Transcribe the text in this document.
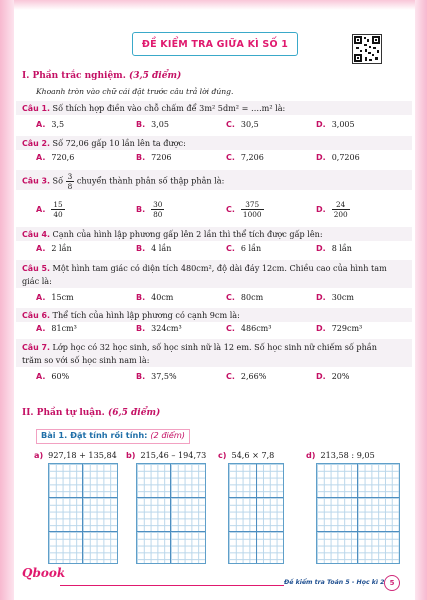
ĐỀ KIỂM TRA GIỮA KÌ SỐ 1
I. Phần trắc nghiệm. (3,5 điểm)
Khoanh tròn vào chữ cái đặt trước câu trả lời đúng.
Câu 1. Số thích hợp điền vào chỗ chấm để 3m² 5dm² = ….m² là:
A. 3,5	B. 3,05	C. 30,5	D. 3,005
Câu 2. Số 72,06 gấp 10 lần lên ta được:
A. 720,6	B. 7206	C. 7,206	D. 0,7206
Câu 3. Số $\frac{3}{8}$ chuyển thành phân số thập phân là:
A. $\frac{15}{40}$	B. $\frac{30}{80}$	C. $\frac{375}{1000}$	D. $\frac{24}{200}$
Câu 4. Cạnh của hình lập phương gấp lên 2 lần thì thể tích được gấp lên:
A. 2 lần	B. 4 lần	C. 6 lần	D. 8 lần
Câu 5. Một hình tam giác có diện tích 480cm², độ dài đáy 12cm. Chiều cao của hình tam giác là:
A. 15cm	B. 40cm	C. 80cm	D. 30cm
Câu 6. Thể tích của hình lập phương có cạnh 9cm là:
A. 81cm³	B. 324cm³	C. 486cm³	D. 729cm³
Câu 7. Lớp học có 32 học sinh, số học sinh nữ là 12 em. Số học sinh nữ chiếm số phần trăm so với số học sinh nam là:
A. 60%	B. 37,5%	C. 2,66%	D. 20%
II. Phần tự luận. (6,5 điểm)
Bài 1. Đặt tính rồi tính: (2 điểm)
a) 927,18 + 135,84 b) 215,46 – 194,73 c) 54,6 × 7,8	d) 213,58 : 9,05
Qbook
Đề kiểm tra Toán 5 - Học kì 2 5
